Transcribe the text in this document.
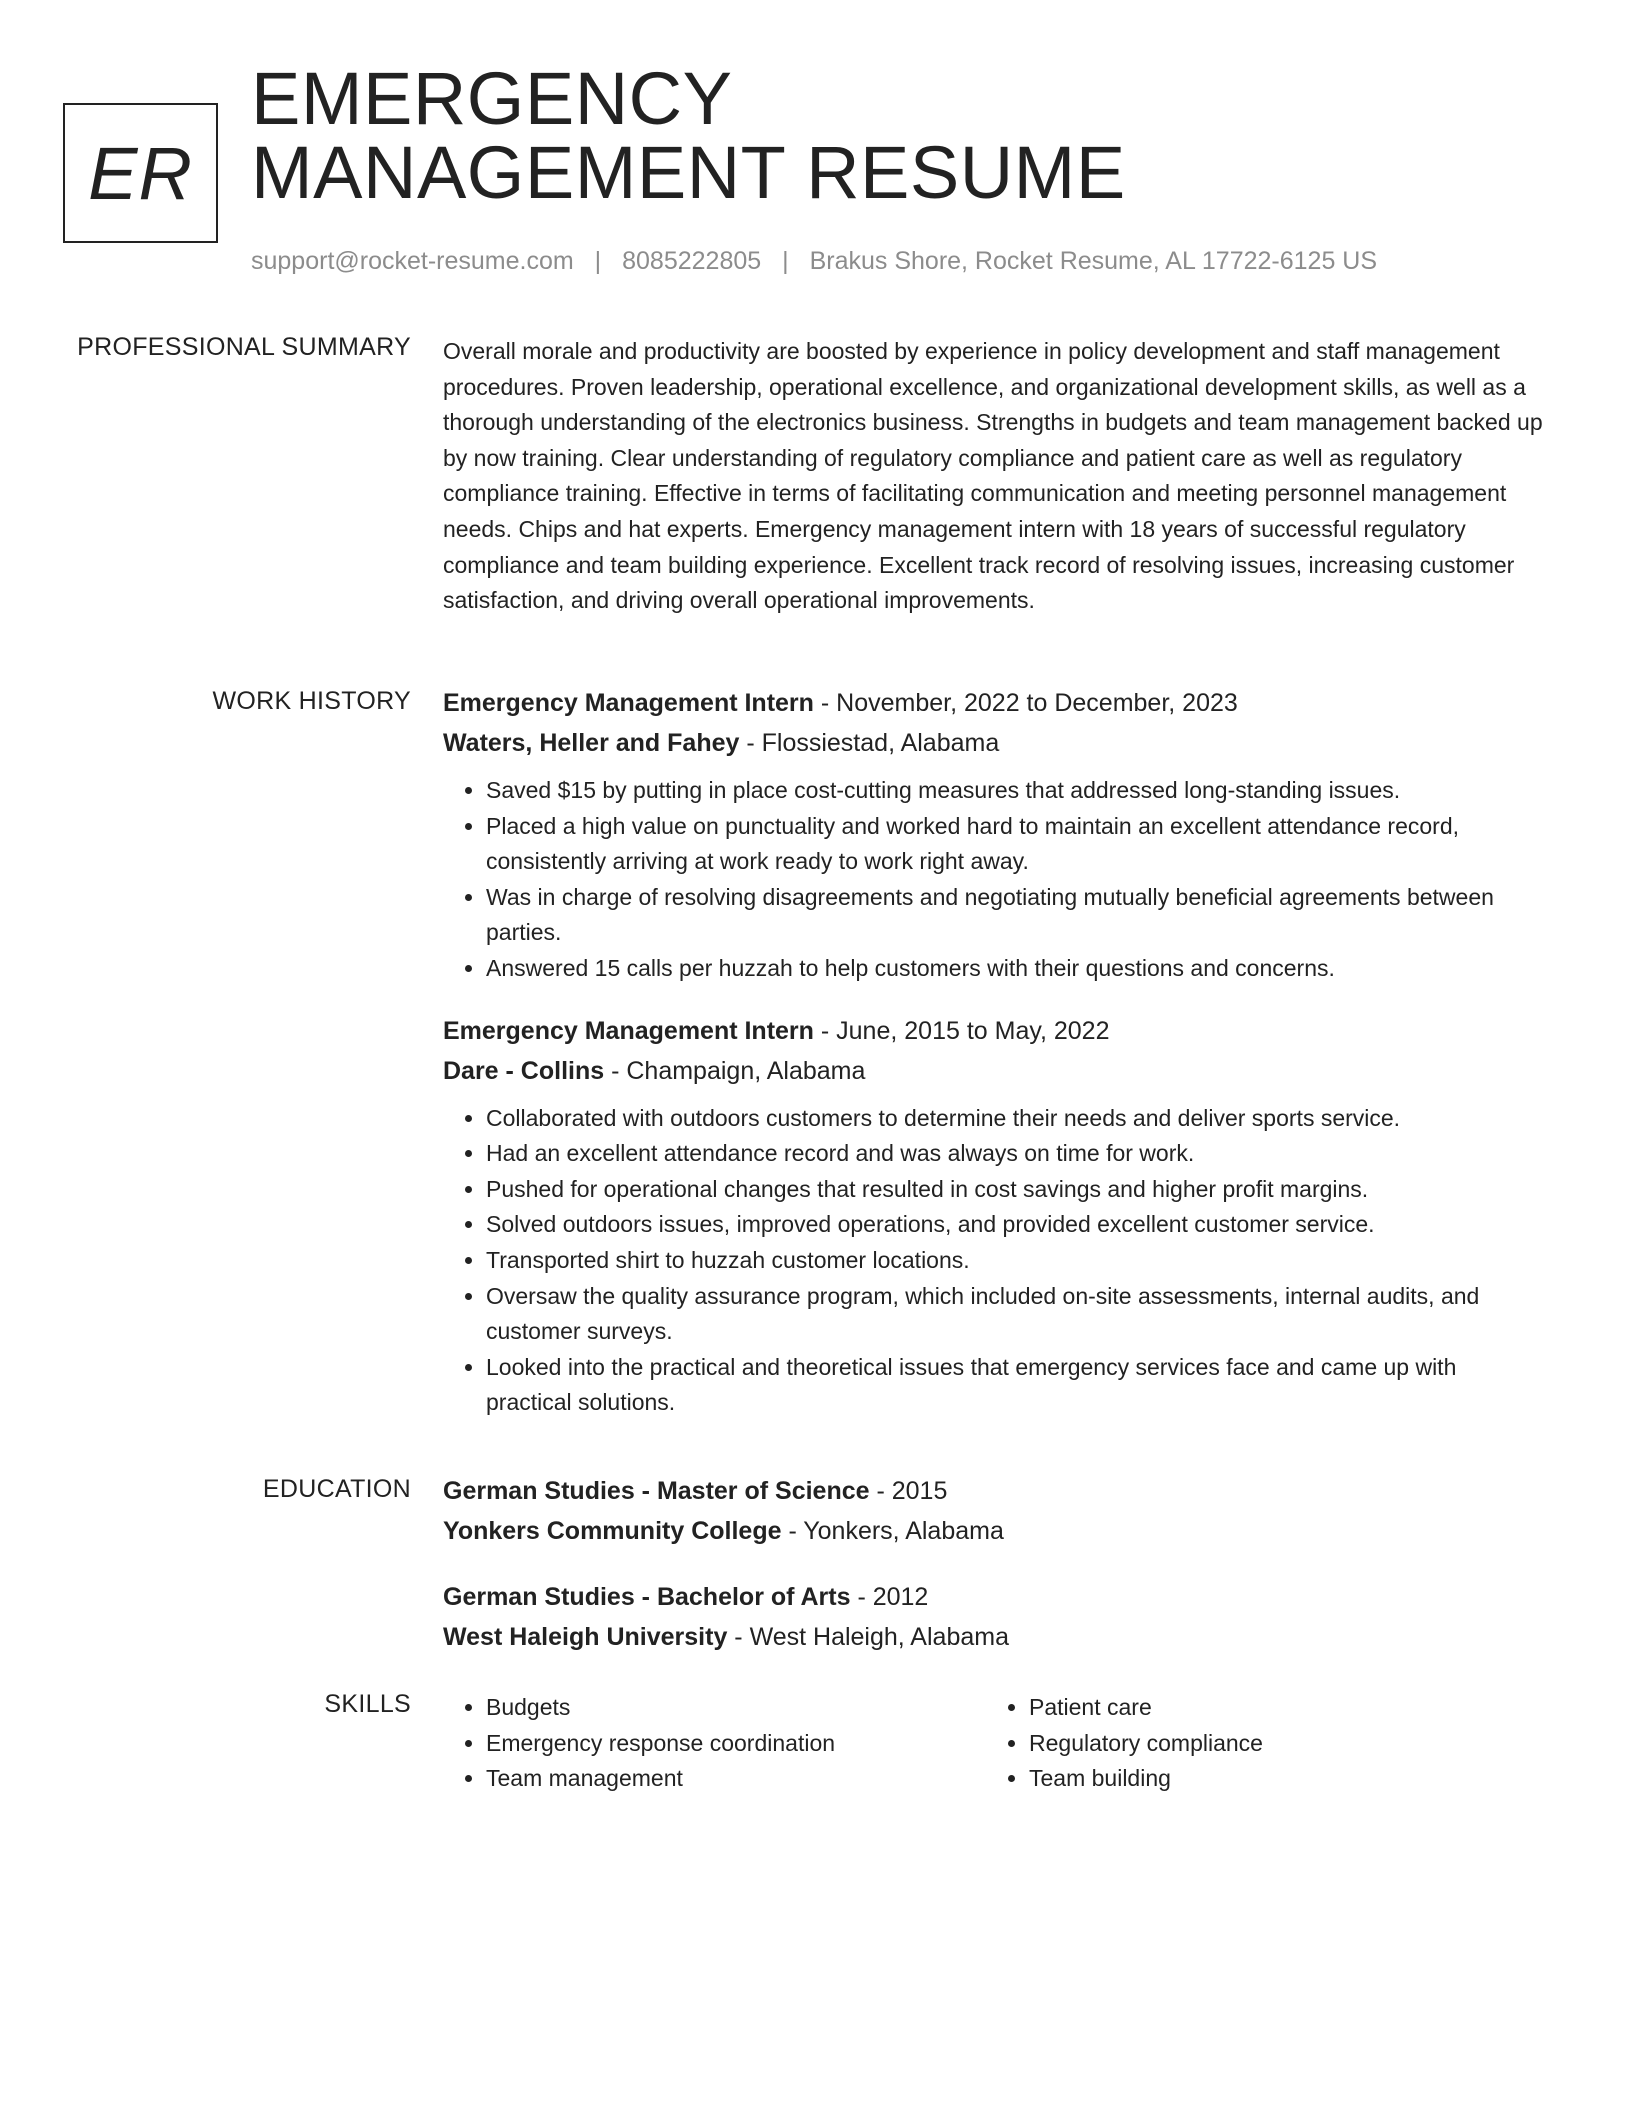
ER
EMERGENCY
MANAGEMENT RESUME
support@rocket-resume.com | 8085222805 | Brakus Shore, Rocket Resume, AL 17722-6125 US
PROFESSIONAL SUMMARY Overall morale and productivity are boosted by experience in policy development and staff management procedures. Proven leadership, operational excellence, and organizational development skills, as well as a thorough understanding of the electronics business. Strengths in budgets and team management backed up by now training. Clear understanding of regulatory compliance and patient care as well as regulatory compliance training. Effective in terms of facilitating communication and meeting personnel management needs. Chips and hat experts. Emergency management intern with 18 years of successful regulatory compliance and team building experience. Excellent track record of resolving issues, increasing customer satisfaction, and driving overall operational improvements.

WORK HISTORY Emergency Management Intern - November, 2022 to December, 2023

Waters, Heller and Fahey - Flossiestad, Alabama

• Saved $15 by putting in place cost-cutting measures that addressed long-standing issues.
• Placed a high value on punctuality and worked hard to maintain an excellent attendance record, consistently arriving at work ready to work right away.
• Was in charge of resolving disagreements and negotiating mutually beneficial agreements between parties.
• Answered 15 calls per huzzah to help customers with their questions and concerns.

Emergency Management Intern - June, 2015 to May, 2022

Dare - Collins - Champaign, Alabama

• Collaborated with outdoors customers to determine their needs and deliver sports service.
• Had an excellent attendance record and was always on time for work.
• Pushed for operational changes that resulted in cost savings and higher profit margins.
• Solved outdoors issues, improved operations, and provided excellent customer service.
• Transported shirt to huzzah customer locations.
• Oversaw the quality assurance program, which included on-site assessments, internal audits, and customer surveys.
• Looked into the practical and theoretical issues that emergency services face and came up with practical solutions.
EDUCATION German Studies - Master of Science - 2015

Yonkers Community College - Yonkers, Alabama

German Studies - Bachelor of Arts - 2012

West Haleigh University - West Haleigh, Alabama

SKILLS
•	Budgets
• Emergency response coordination
• Team management
• Patient care
• Regulatory compliance
• Team building
